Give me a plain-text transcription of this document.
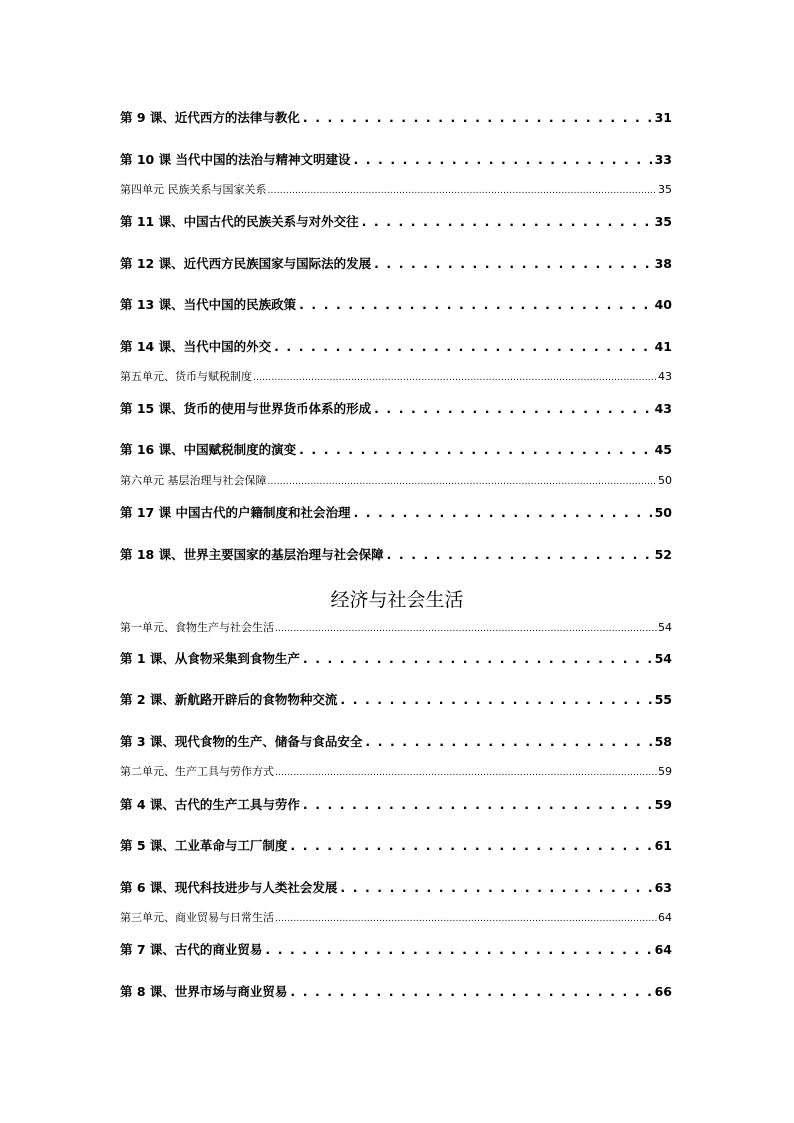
第 9 课、近代西方的法律与教化 . . .	31
第 10 课 当代中国的法治与精神文明建设 . . .	33
第四单元 民族关系与国家关系 .....	35
第 11 课、中国古代的民族关系与对外交往 . . .	35
第 12 课、近代西方民族国家与国际法的发展 . . .	38
第 13 课、当代中国的民族政策 . . .	40
第 14 课、当代中国的外交 . . .	41
第五单元、货币与赋税制度 .....	43
第 15 课、货币的使用与世界货币体系的形成 . . .	43
第 16 课、中国赋税制度的演变 . . .	45
第六单元 基层治理与社会保障 .....	50
第 17 课 中国古代的户籍制度和社会治理 . . .	50
第 18 课、世界主要国家的基层治理与社会保障 . . .	52
第一单元、食物生产与社会生活 .....	54
第 1 课、从食物采集到食物生产 . . .	54
第 2 课、新航路开辟后的食物物种交流 . . .	55
第 3 课、现代食物的生产、储备与食品安全 . . .	58
第二单元、生产工具与劳作方式 .....	59
第 4 课、古代的生产工具与劳作 . . .	59
第 5 课、工业革命与工厂制度 . . .	61
第 6 课、现代科技进步与人类社会发展 . . .	63
第三单元、商业贸易与日常生活 .....	64
第 7 课、古代的商业贸易 . . .	64
第 8 课、世界市场与商业贸易 . . .	66
经济与社会生活
